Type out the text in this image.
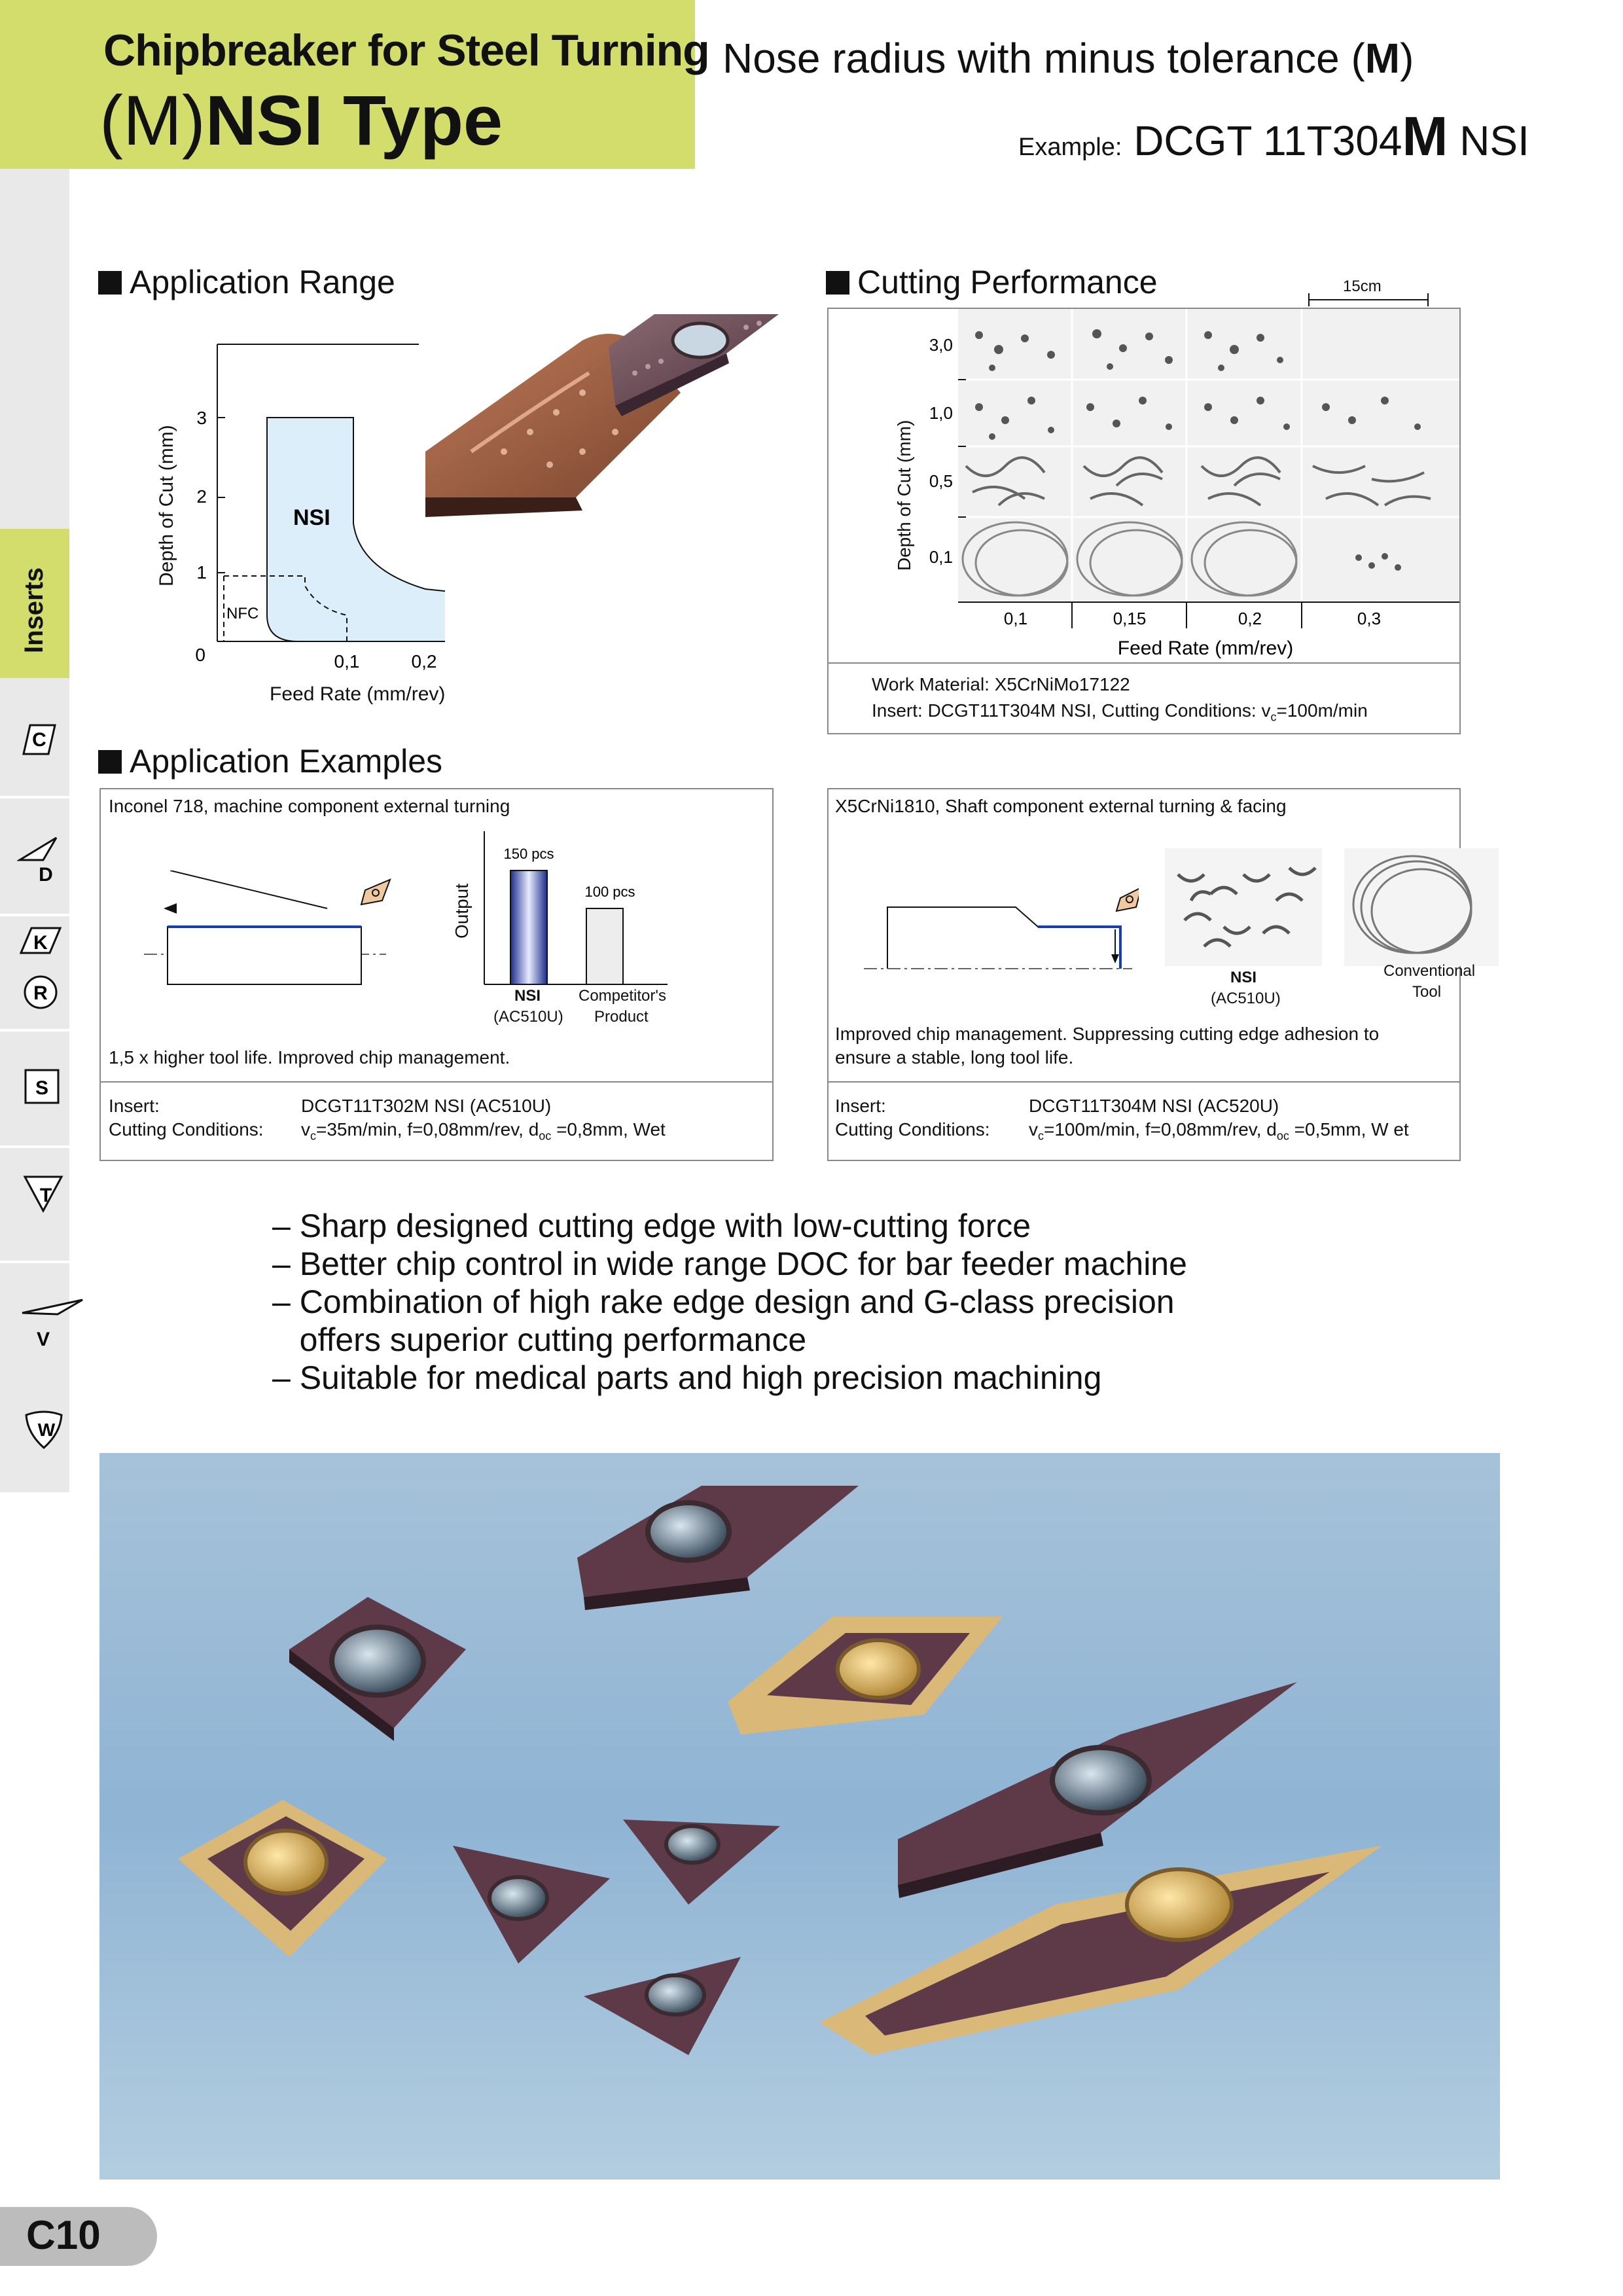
Chipbreaker for Steel Turning
(M)NSI Type
Nose radius with minus tolerance (M)
Example: DCGT 11T304M NSI
Inserts
C
D
K
R
S
T
V
W
Application Range
0
1
2
3
0,1	0,2
NSI
NFC
Depth of Cut (mm)
Feed Rate (mm/rev)
Cutting Performance	15cm
3,0
1,0
0,5
0,1
0,1	0,15	0,2	0,3
Feed Rate (mm/rev)
Depth of Cut (mm)
Work Material: X5CrNiMo17122
Insert: DCGT11T304M NSI, Cutting Conditions: $v_c=100m/\min$
Application Examples
Inconel 718, machine component external turning
150 pcs
100 pcs
Output
NSI
(AC510U)
Competitor's
Product
1,5 x higher tool life. Improved chip management.
Insert:	DCGT11T302M NSI (AC510U)
Cutting Conditions: $v_c=35m/\min$, f=0,08mm/rev, $d_{oc} =0,8mm$, Wet
X5CrNi1810, Shaft component external turning & facing
NSI
(AC510U)
Conventional
Tool
Improved chip management. Suppressing cutting edge adhesion to
ensure a stable, long tool life.
Insert:	DCGT11T304M NSI (AC520U)
Cutting Conditions: $v_c=100m/\min$, f=0,08mm/rev, $d_{oc} =0,5mm$, W et
– Sharp designed cutting edge with low-cutting force
– Better chip control in wide range DOC for bar feeder machine
– Combination of high rake edge design and G-class precision
offers superior cutting performance
– Suitable for medical parts and high precision machining
C10
